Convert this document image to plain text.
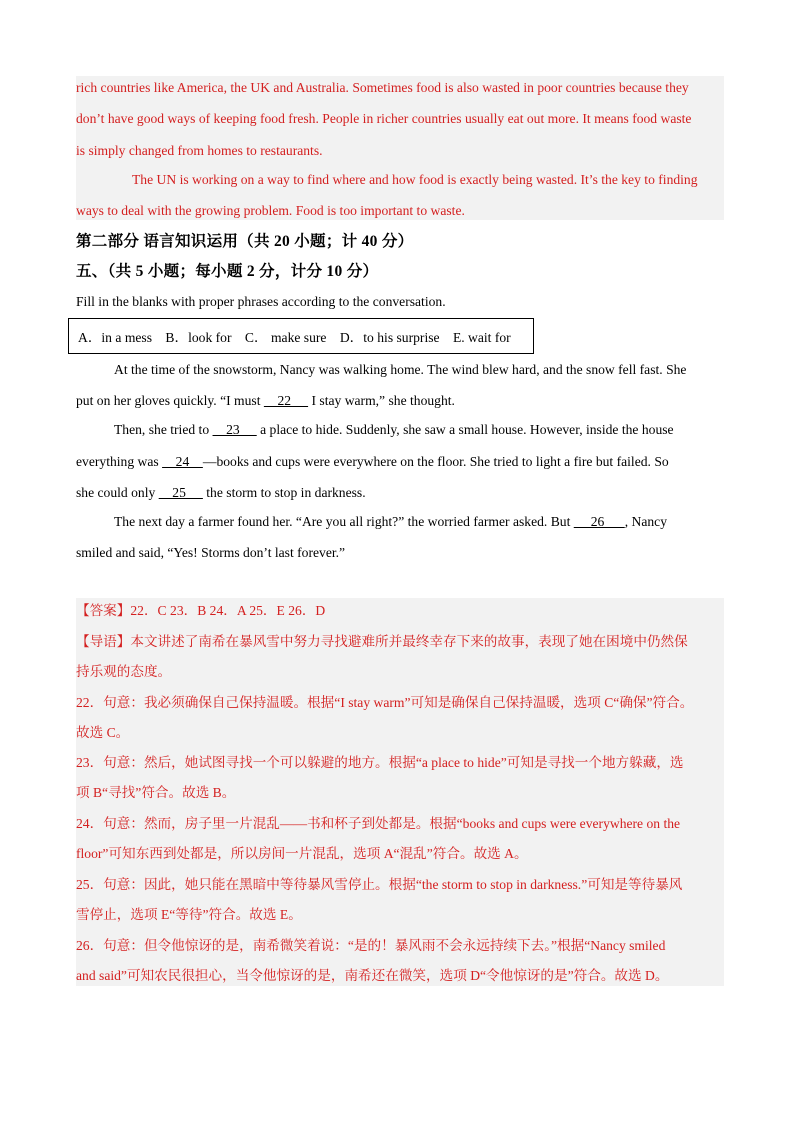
rich countries like America, the UK and Australia. Sometimes food is also wasted in poor countries because they
don’t have good ways of keeping food fresh. People in richer countries usually eat out more. It means food waste
is simply changed from homes to restaurants.
The UN is working on a way to find where and how food is exactly being wasted. It’s the key to finding
ways to deal with the growing problem. Food is too important to waste.
第二部分 语言知识运用（共 20 小题；计 40 分）
五、（共 5 小题；每小题 2 分，计分 10 分）
Fill in the blanks with proper phrases according to the conversation.
A．in a mess B．look for C． make sure D．to his surprise E. wait for
At the time of the snowstorm, Nancy was walking home. The wind blew hard, and the snow fell fast. She
put on her gloves quickly. “I must     22      I stay warm,” she thought.
Then, she tried to     23      a place to hide. Suddenly, she saw a small house. However, inside the house
everything was     24    —books and cups were everywhere on the floor. She tried to light a fire but failed. So
she could only     25      the storm to stop in darkness.
The next day a farmer found her. “Are you all right?” the worried farmer asked. But      26      , Nancy
smiled and said, “Yes! Storms don’t last forever.”
【答案】22．C 23．B 24．A 25．E 26．D
【导语】本文讲述了南希在暴风雪中努力寻找避难所并最终幸存下来的故事，表现了她在困境中仍然保
持乐观的态度。
22．句意：我必须确保自己保持温暖。根据“I stay warm”可知是确保自己保持温暖，选项 C“确保”符合。
故选 C。
23．句意：然后，她试图寻找一个可以躲避的地方。根据“a place to hide”可知是寻找一个地方躲藏，选
项 B“寻找”符合。故选 B。
24．句意：然而，房子里一片混乱——书和杯子到处都是。根据“books and cups were everywhere on the
floor”可知东西到处都是，所以房间一片混乱，选项 A“混乱”符合。故选 A。
25．句意：因此，她只能在黑暗中等待暴风雪停止。根据“the storm to stop in darkness.”可知是等待暴风
雪停止，选项 E“等待”符合。故选 E。
26．句意：但令他惊讶的是，南希微笑着说：“是的！暴风雨不会永远持续下去。”根据“Nancy smiled
and said”可知农民很担心，当令他惊讶的是，南希还在微笑，选项 D“令他惊讶的是”符合。故选 D。
